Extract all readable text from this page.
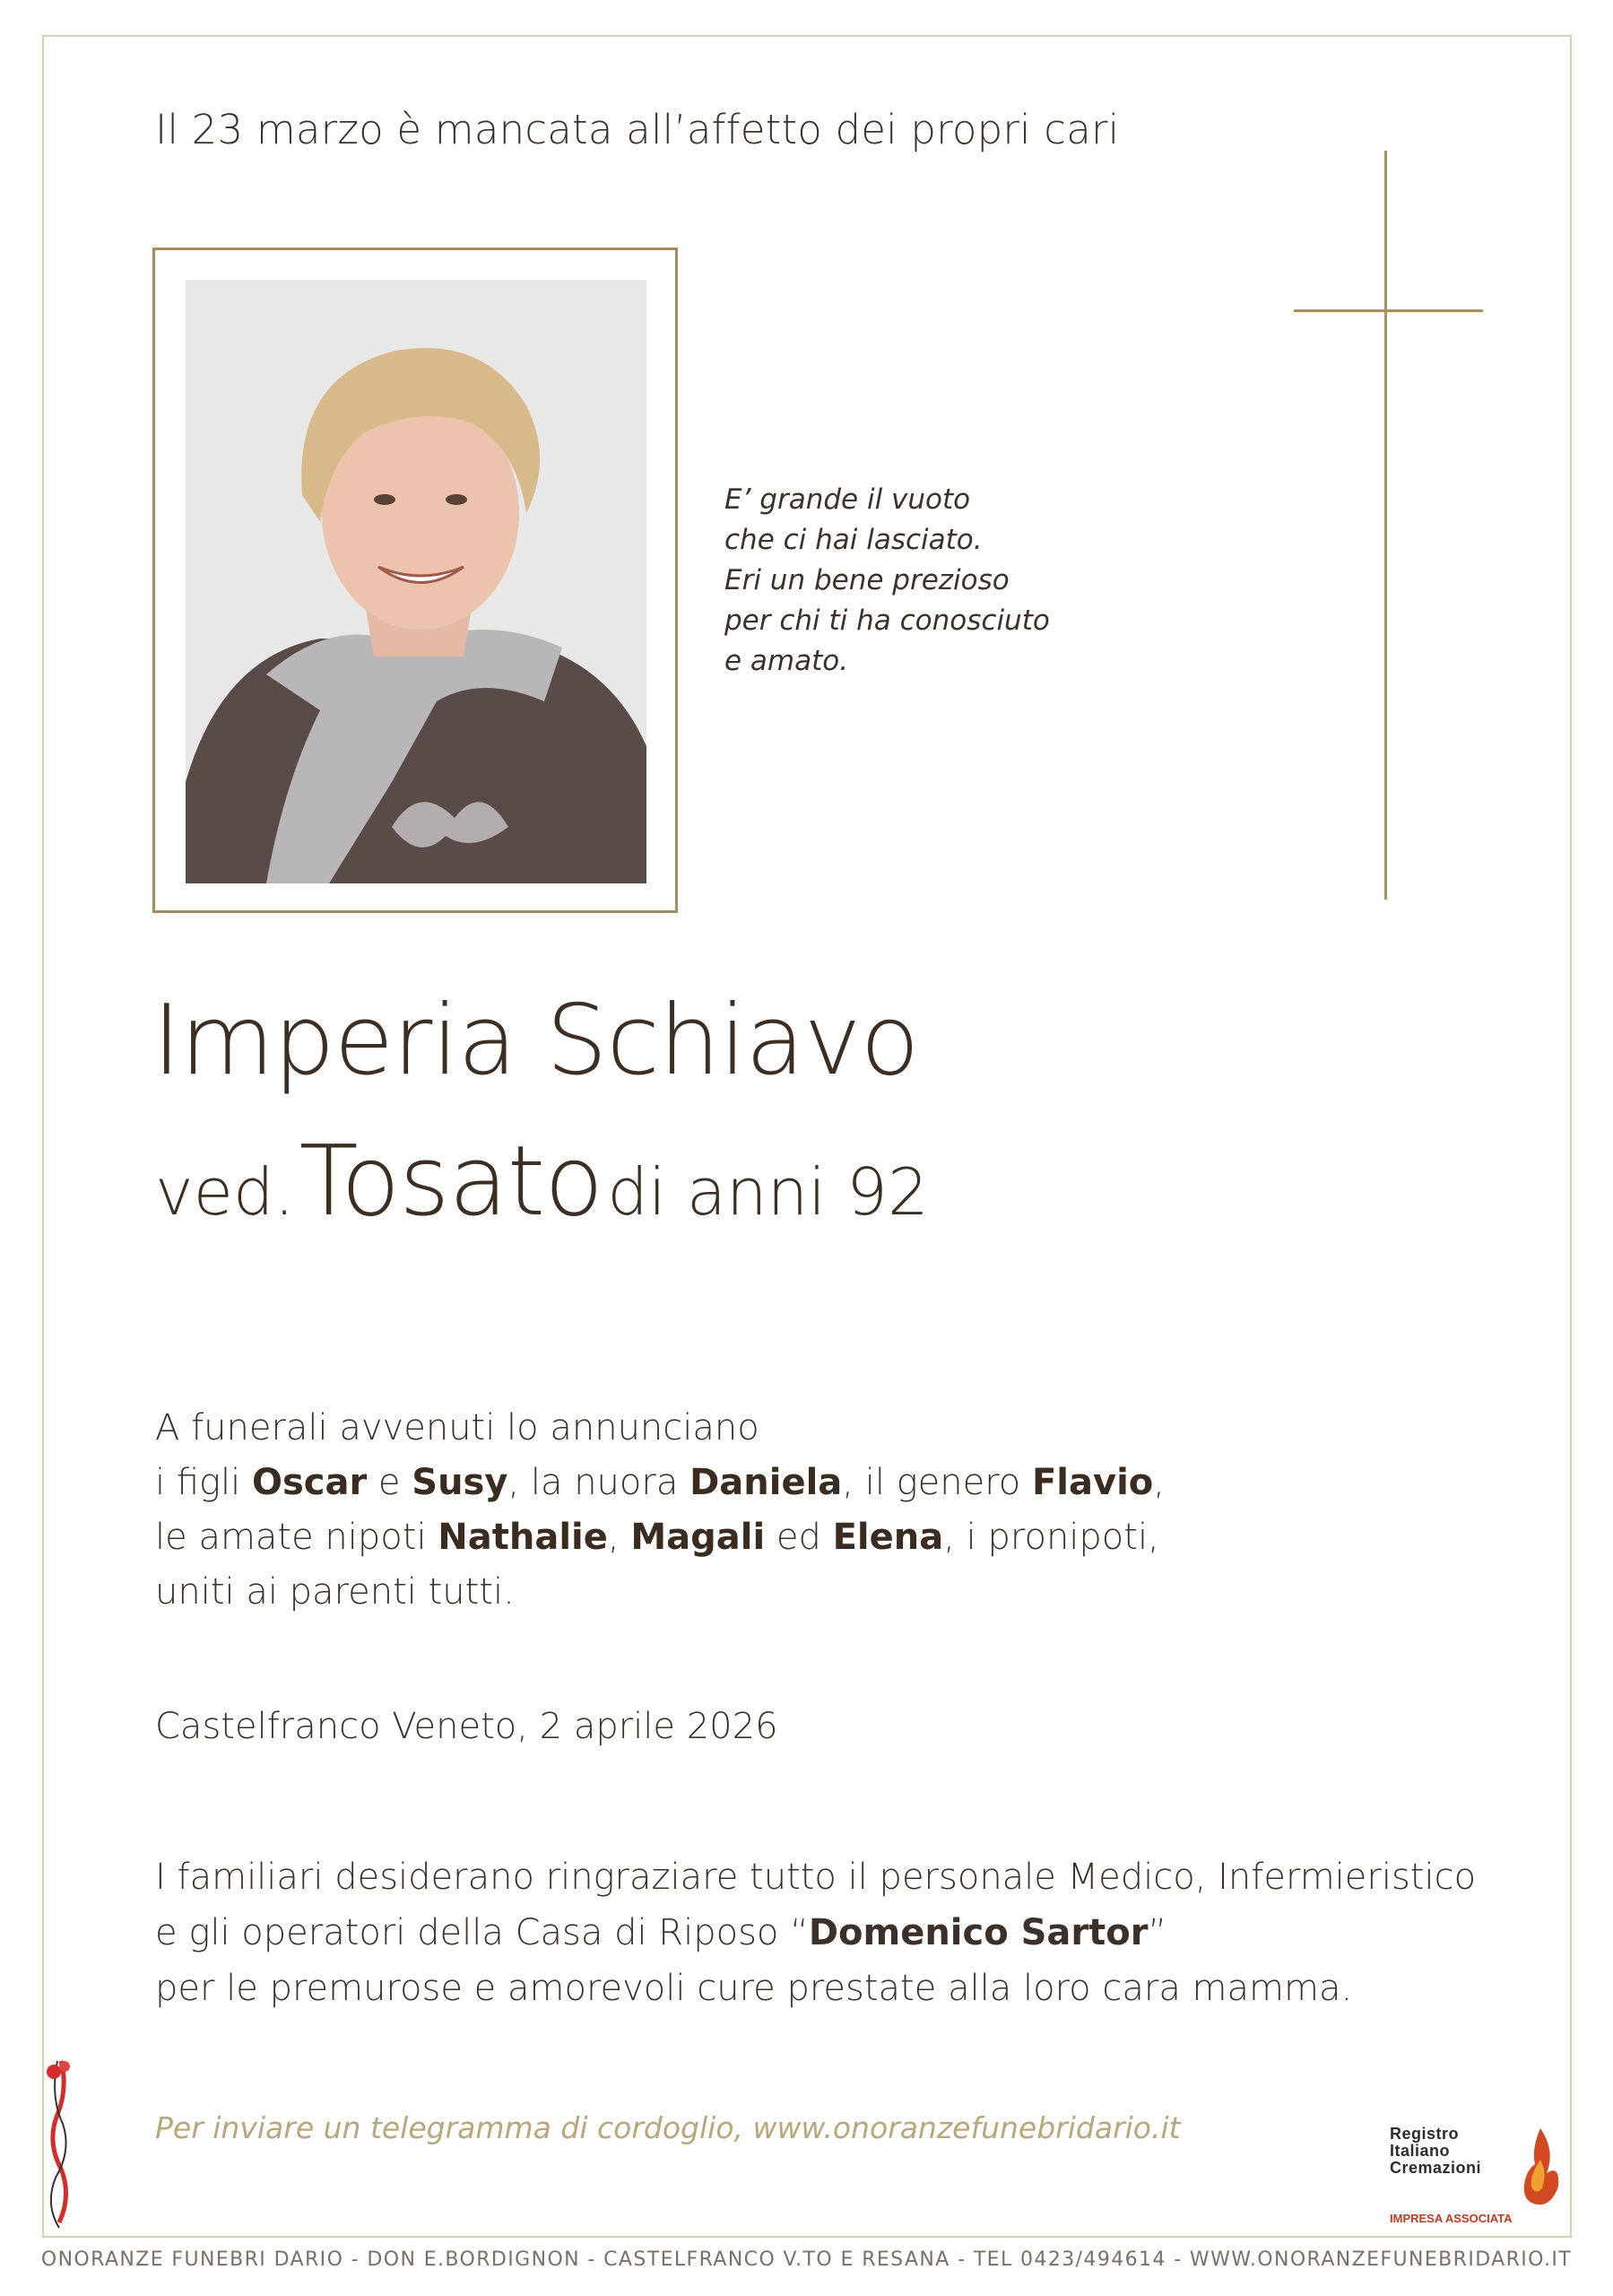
Il 23 marzo è mancata all’affetto dei propri cari
E’ grande il vuoto
che ci hai lasciato.
Eri un bene prezioso
per chi ti ha conosciuto
e amato.
Imperia Schiavo
ved. Tosato di anni 92
A funerali avvenuti lo annunciano
i figli Oscar e Susy, la nuora Daniela, il genero Flavio,
le amate nipoti Nathalie, Magali ed Elena, i pronipoti,
uniti ai parenti tutti.
Castelfranco Veneto, 2 aprile 2026
I familiari desiderano ringraziare tutto il personale Medico, Infermieristico
e gli operatori della Casa di Riposo “Domenico Sartor”
per le premurose e amorevoli cure prestate alla loro cara mamma.
Per inviare un telegramma di cordoglio, www.onoranzefunebridario.it	Registro
Italiano
Cremazioni
IMPRESA ASSOCIATA
ONORANZE FUNEBRI DARIO - DON E.BORDIGNON - CASTELFRANCO V.TO E RESANA - TEL 0423/494614 - WWW.ONORANZEFUNEBRIDARIO.IT
